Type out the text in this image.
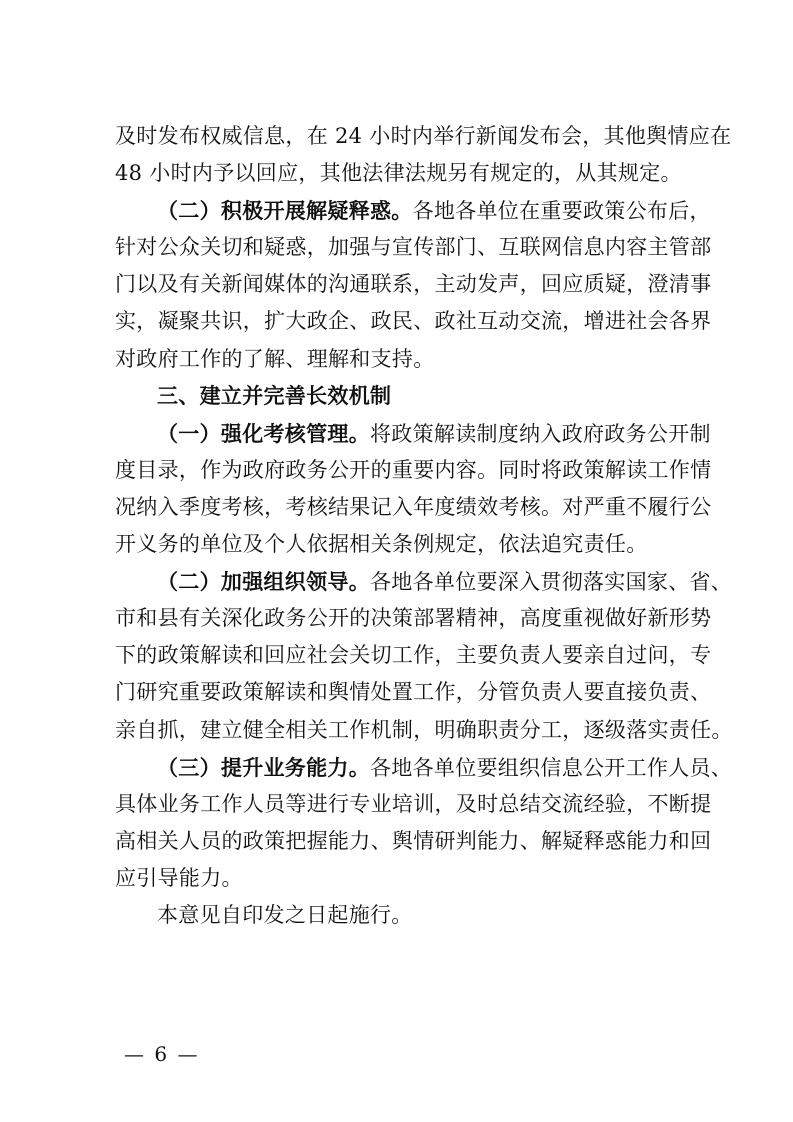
及时发布权威信息，在 24 小时内举行新闻发布会，其他舆情应在
48 小时内予以回应，其他法律法规另有规定的，从其规定。
（二）积极开展解疑释惑。各地各单位在重要政策公布后，
针对公众关切和疑惑，加强与宣传部门、互联网信息内容主管部
门以及有关新闻媒体的沟通联系，主动发声，回应质疑，澄清事
实，凝聚共识，扩大政企、政民、政社互动交流，增进社会各界
对政府工作的了解、理解和支持。
三、建立并完善长效机制
（一）强化考核管理。将政策解读制度纳入政府政务公开制
度目录，作为政府政务公开的重要内容。同时将政策解读工作情
况纳入季度考核，考核结果记入年度绩效考核。对严重不履行公
开义务的单位及个人依据相关条例规定，依法追究责任。
（二）加强组织领导。各地各单位要深入贯彻落实国家、省、
市和县有关深化政务公开的决策部署精神，高度重视做好新形势
下的政策解读和回应社会关切工作，主要负责人要亲自过问，专
门研究重要政策解读和舆情处置工作，分管负责人要直接负责、
亲自抓，建立健全相关工作机制，明确职责分工，逐级落实责任。
（三）提升业务能力。各地各单位要组织信息公开工作人员、
具体业务工作人员等进行专业培训，及时总结交流经验，不断提
高相关人员的政策把握能力、舆情研判能力、解疑释惑能力和回
应引导能力。
本意见自印发之日起施行。
— 6 —
